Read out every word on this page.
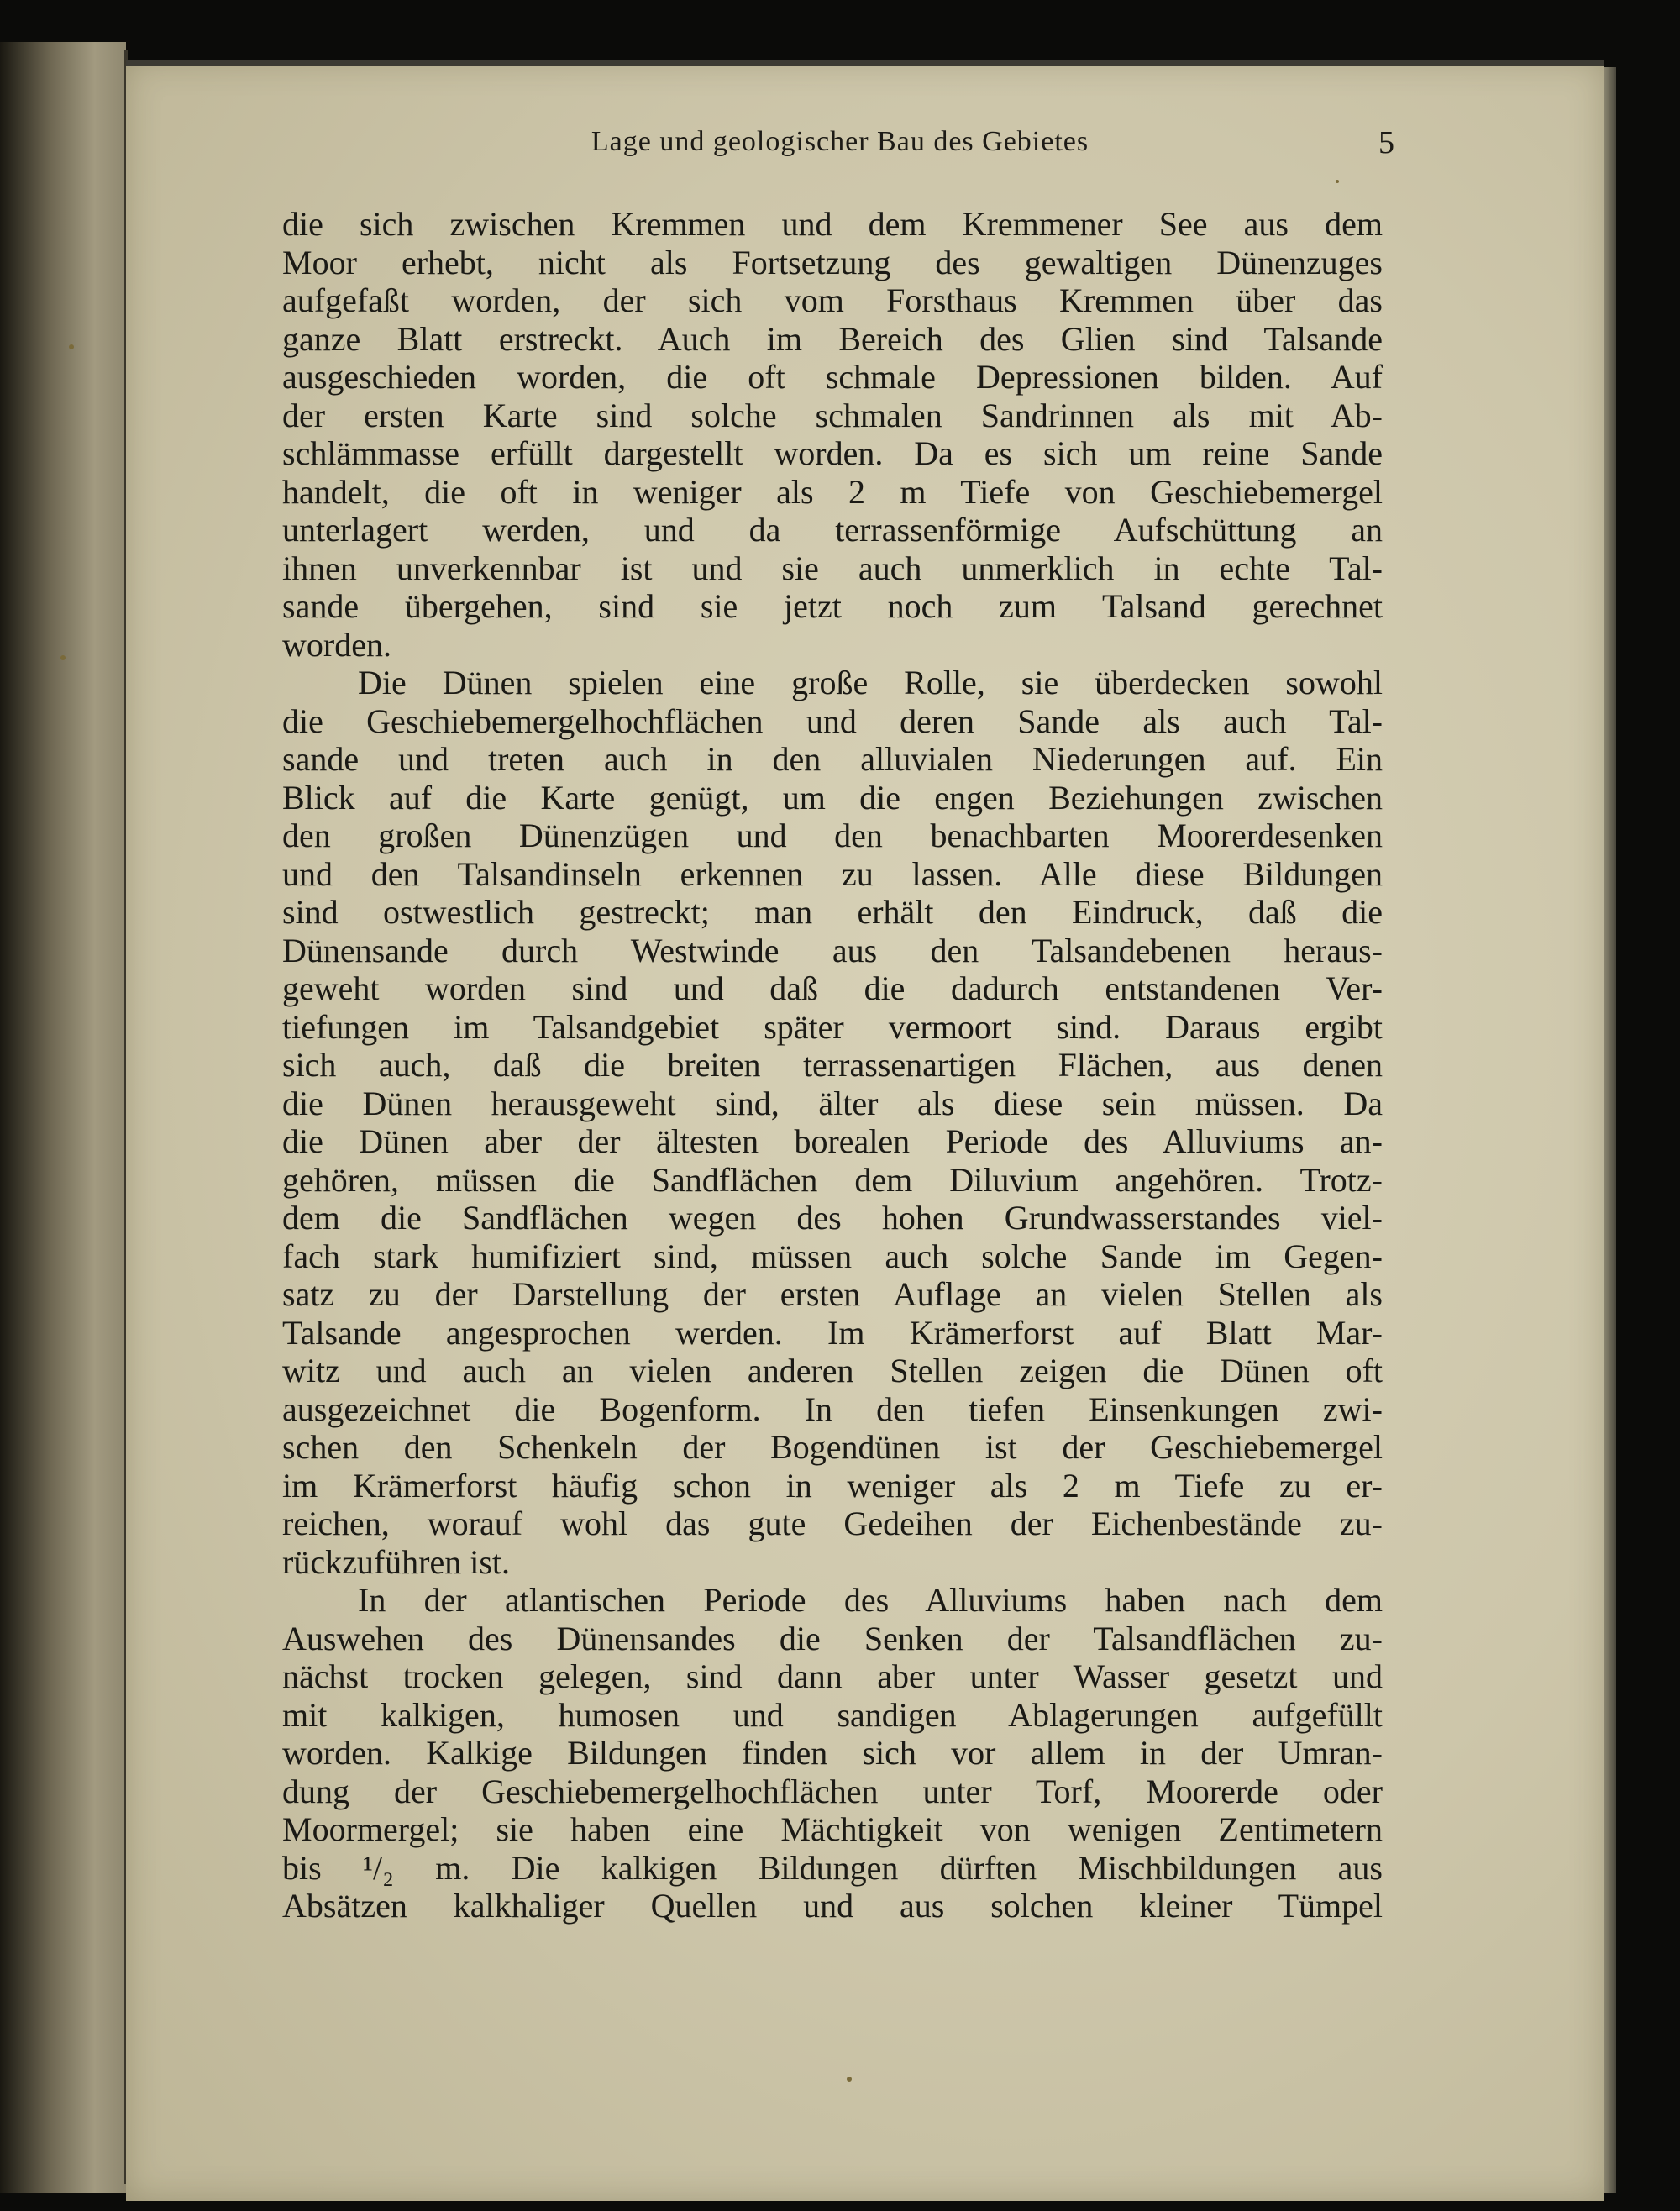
Lage und geologischer Bau des Gebietes	5
die sich zwischen Kremmen und dem Kremmener See aus dem
Moor erhebt, nicht als Fortsetzung des gewaltigen Dünenzuges
aufgefaßt worden, der sich vom Forsthaus Kremmen über das
ganze Blatt erstreckt. Auch im Bereich des Glien sind Talsande
ausgeschieden worden, die oft schmale Depressionen bilden. Auf
der ersten Karte sind solche schmalen Sandrinnen als mit Ab-
schlämmasse erfüllt dargestellt worden. Da es sich um reine Sande
handelt, die oft in weniger als 2 m Tiefe von Geschiebemergel
unterlagert werden, und da terrassenförmige Aufschüttung an
ihnen unverkennbar ist und sie auch unmerklich in echte Tal-
sande übergehen, sind sie jetzt noch zum Talsand gerechnet
worden.
Die Dünen spielen eine große Rolle, sie überdecken sowohl
die Geschiebemergelhochflächen und deren Sande als auch Tal-
sande und treten auch in den alluvialen Niederungen auf. Ein
Blick auf die Karte genügt, um die engen Beziehungen zwischen
den großen Dünenzügen und den benachbarten Moorerdesenken
und den Talsandinseln erkennen zu lassen. Alle diese Bildungen
sind ostwestlich gestreckt; man erhält den Eindruck, daß die
Dünensande durch Westwinde aus den Talsandebenen heraus-
geweht worden sind und daß die dadurch entstandenen Ver-
tiefungen im Talsandgebiet später vermoort sind. Daraus ergibt
sich auch, daß die breiten terrassenartigen Flächen, aus denen
die Dünen herausgeweht sind, älter als diese sein müssen. Da
die Dünen aber der ältesten borealen Periode des Alluviums an-
gehören, müssen die Sandflächen dem Diluvium angehören. Trotz-
dem die Sandflächen wegen des hohen Grundwasserstandes viel-
fach stark humifiziert sind, müssen auch solche Sande im Gegen-
satz zu der Darstellung der ersten Auflage an vielen Stellen als
Talsande angesprochen werden. Im Krämerforst auf Blatt Mar-
witz und auch an vielen anderen Stellen zeigen die Dünen oft
ausgezeichnet die Bogenform. In den tiefen Einsenkungen zwi-
schen den Schenkeln der Bogendünen ist der Geschiebemergel
im Krämerforst häufig schon in weniger als 2 m Tiefe zu er-
reichen, worauf wohl das gute Gedeihen der Eichenbestände zu-
rückzuführen ist.
In der atlantischen Periode des Alluviums haben nach dem
Auswehen des Dünensandes die Senken der Talsandflächen zu-
nächst trocken gelegen, sind dann aber unter Wasser gesetzt und
mit kalkigen, humosen und sandigen Ablagerungen aufgefüllt
worden. Kalkige Bildungen finden sich vor allem in der Umran-
dung der Geschiebemergelhochflächen unter Torf, Moorerde oder
Moormergel; sie haben eine Mächtigkeit von wenigen Zentimetern
bis ¹/₂ m. Die kalkigen Bildungen dürften Mischbildungen aus
Absätzen kalkhaliger Quellen und aus solchen kleiner Tümpel
